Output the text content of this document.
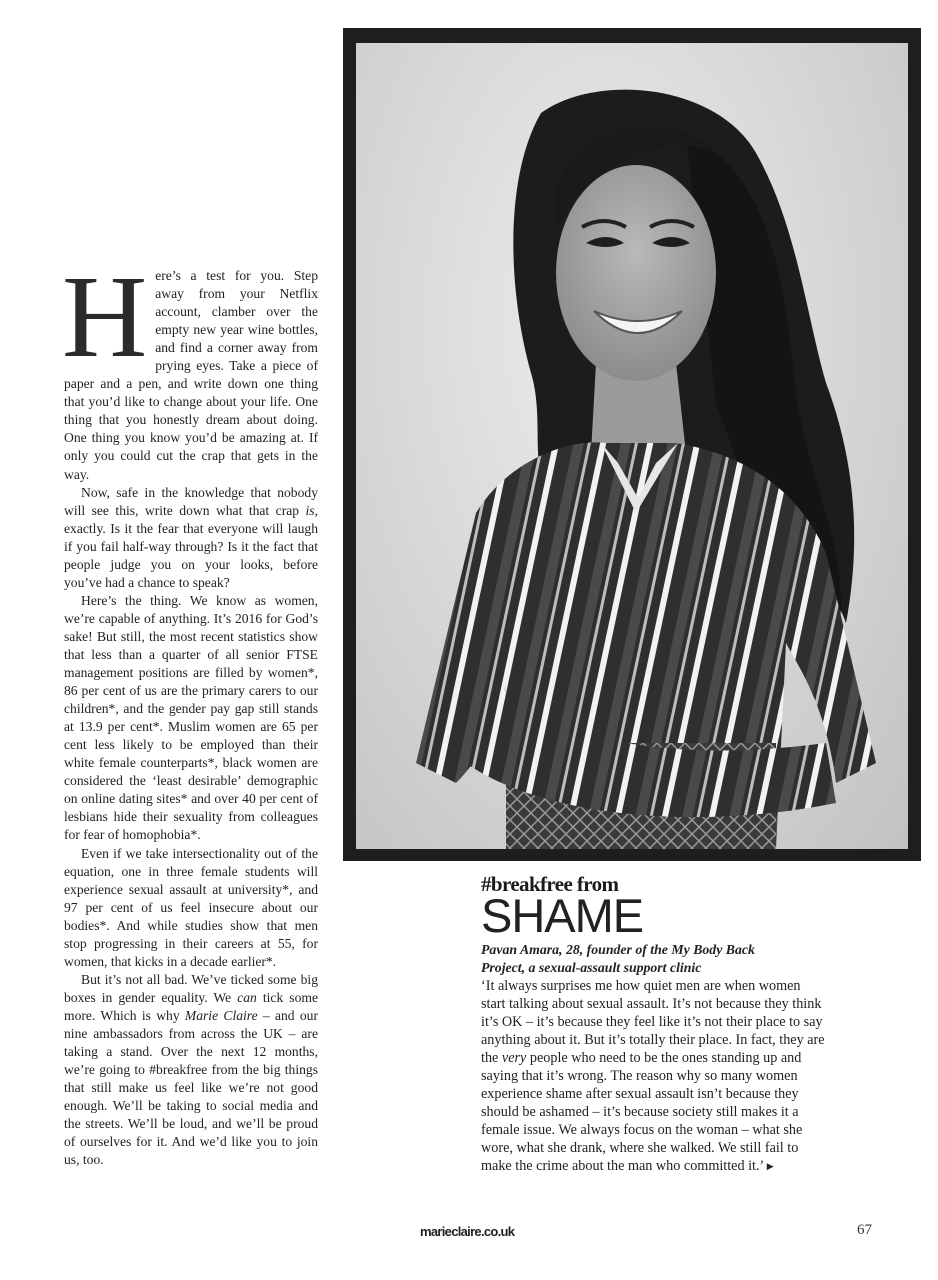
Here’s a test for you. Step away from your Netflix account, clamber over the empty new year wine bottles, and find a corner away from prying eyes. Take a piece of paper and a pen, and write down one thing that you’d like to change about your life. One thing that you honestly dream about doing. One thing you know you’d be amazing at. If only you could cut the crap that gets in the way.

Now, safe in the knowledge that nobody will see this, write down what that crap is, exactly. Is it the fear that everyone will laugh if you fail half-way through? Is it the fact that people judge you on your looks, before you’ve had a chance to speak?

Here’s the thing. We know as women, we’re capable of anything. It’s 2016 for God’s sake! But still, the most recent statistics show that less than a quarter of all senior FTSE management positions are filled by women*, 86 per cent of us are the primary carers to our children*, and the gender pay gap still stands at 13.9 per cent*. Muslim women are 65 per cent less likely to be employed than their white female counterparts*, black women are considered the ‘least desirable’ demographic on online dating sites* and over 40 per cent of lesbians hide their sexuality from colleagues for fear of homophobia*.

Even if we take intersectionality out of the equation, one in three female students will experience sexual assault at university*, and 97 per cent of us feel insecure about our bodies*. And while studies show that men stop progressing in their careers at 55, for women, that kicks in a decade earlier*.

But it’s not all bad. We’ve ticked some big boxes in gender equality. We can tick some more. Which is why Marie Claire – and our nine ambassadors from across the UK – are taking a stand. Over the next 12 months, we’re going to #breakfree from the big things that still make us feel like we’re not good enough. We’ll be taking to social media and the streets. We’ll be loud, and we’ll be proud of ourselves for it. And we’d like you to join us, too.

#breakfree from
SHAME
Pavan Amara, 28, founder of the My Body Back
Project, a sexual-assault support clinic
‘It always surprises me how quiet men are when women start talking about sexual assault. It’s not because they think it’s OK – it’s because they feel like it’s not their place to say anything about it. But it’s totally their place. In fact, they are the very people who need to be the ones standing up and saying that it’s wrong. The reason why so many women experience shame after sexual assault isn’t because they should be ashamed – it’s because society still makes it a female issue. We always focus on the woman – what she wore, what she drank, where she walked. We still fail to make the crime about the man who committed it.’ ▶
marieclaire.co.uk	67
